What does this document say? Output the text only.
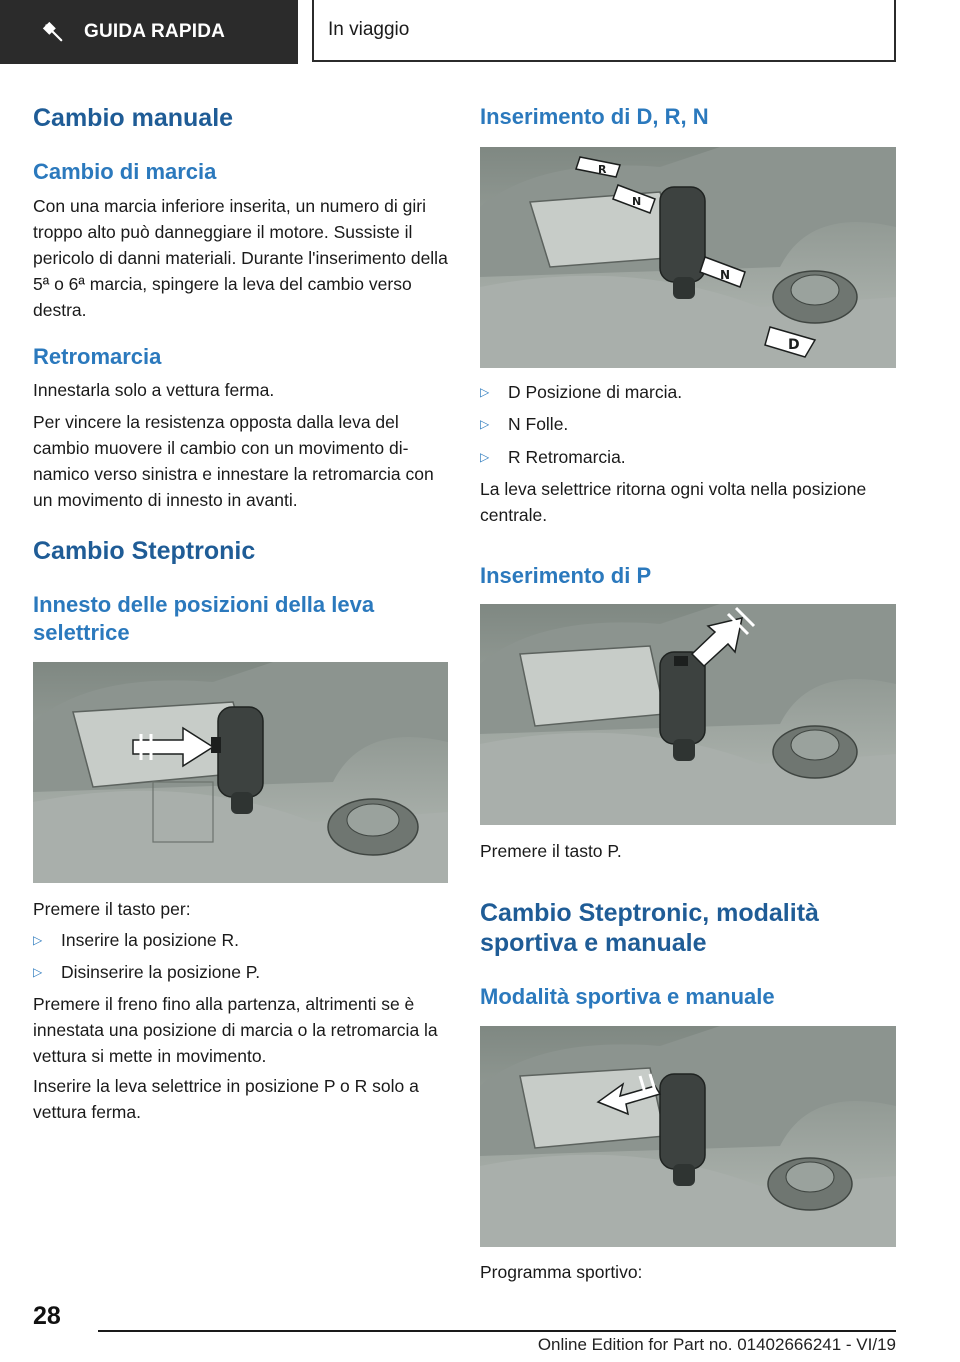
GUIDA RAPIDA	In viaggio
Cambio manuale
Cambio di marcia

Con una marcia inferiore inserita, un numero di giri troppo alto può danneggiare il motore. Sussiste il pericolo di danni materiali. Durante l'inserimento della 5ª o 6ª marcia, spingere la leva del cambio verso destra.

Retromarcia

Innestarla solo a vettura ferma.

Per vincere la resistenza opposta dalla leva del cambio muovere il cambio con un movimento dinamico verso sinistra e innestare la retromarcia con un movimento di innesto in avanti.

Cambio Steptronic
Innesto delle posizioni della leva selettrice

Premere il tasto per:

▷	Inserire la posizione R.
▷	Disinserire la posizione P.

Premere il freno fino alla partenza, altrimenti se è innestata una posizione di marcia o la retromarcia la vettura si mette in movimento.

Inserire la leva selettrice in posizione P o R solo a vettura ferma.

Inserimento di D, R, N
R
N
N
D
▷	D Posizione di marcia.
▷	N Folle.
▷	R Retromarcia.

La leva selettrice ritorna ogni volta nella posizione centrale.

Inserimento di P

Premere il tasto P.

Cambio Steptronic, modalità sportiva e manuale
Modalità sportiva e manuale

Programma sportivo:

28
Online Edition for Part no. 01402666241 - VI/19
